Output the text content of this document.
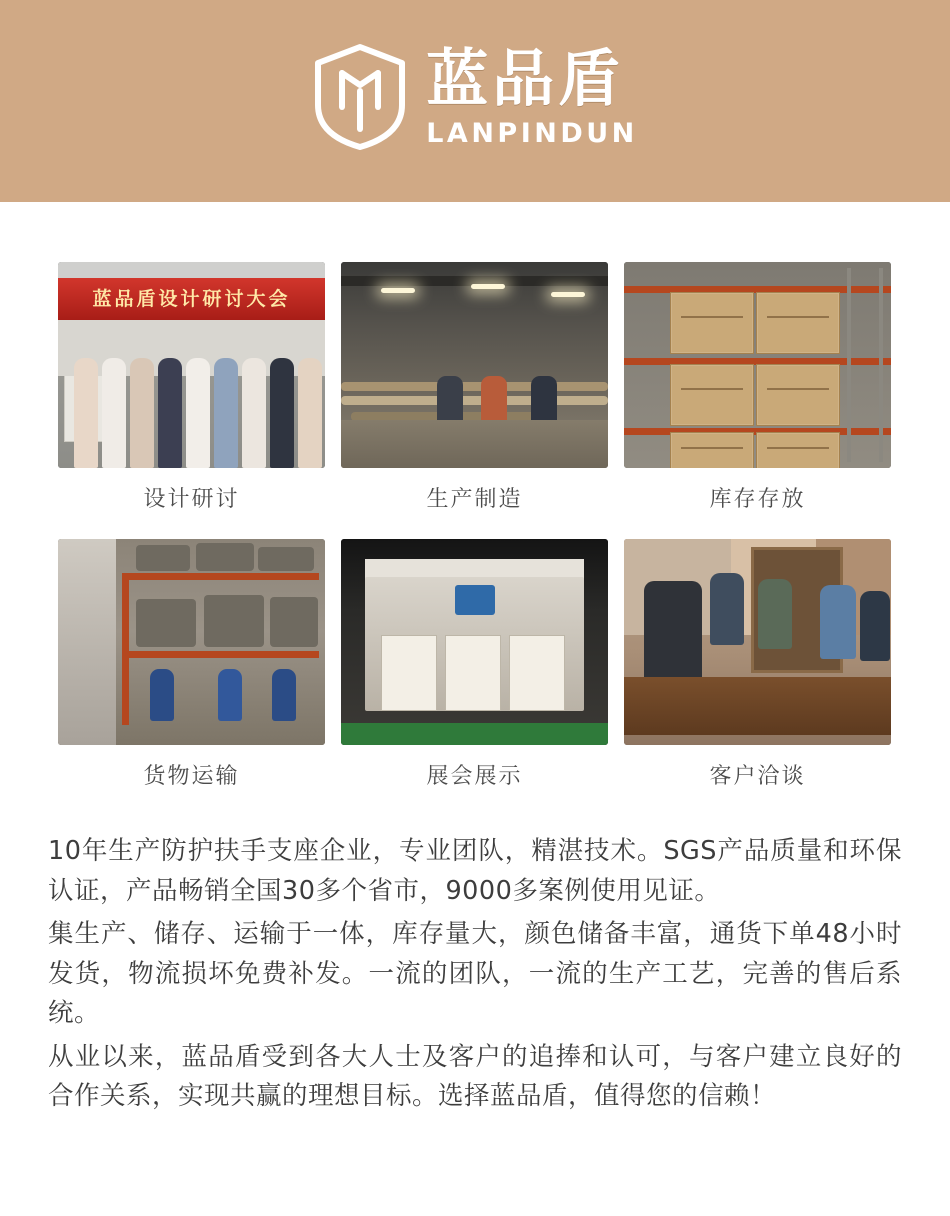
蓝品盾
LANPINDUN
蓝品盾设计研讨大会
设计研讨	生产制造	库存存放
货物运输	展会展示	客户洽谈

10年生产防护扶手支座企业，专业团队，精湛技术。SGS产品质量和环保认证，产品畅销全国30多个省市，9000多案例使用见证。

集生产、储存、运输于一体，库存量大，颜色储备丰富，通货下单48小时发货，物流损坏免费补发。一流的团队，一流的生产工艺，完善的售后系统。

从业以来，蓝品盾受到各大人士及客户的追捧和认可，与客户建立良好的合作关系，实现共赢的理想目标。选择蓝品盾，值得您的信赖！
